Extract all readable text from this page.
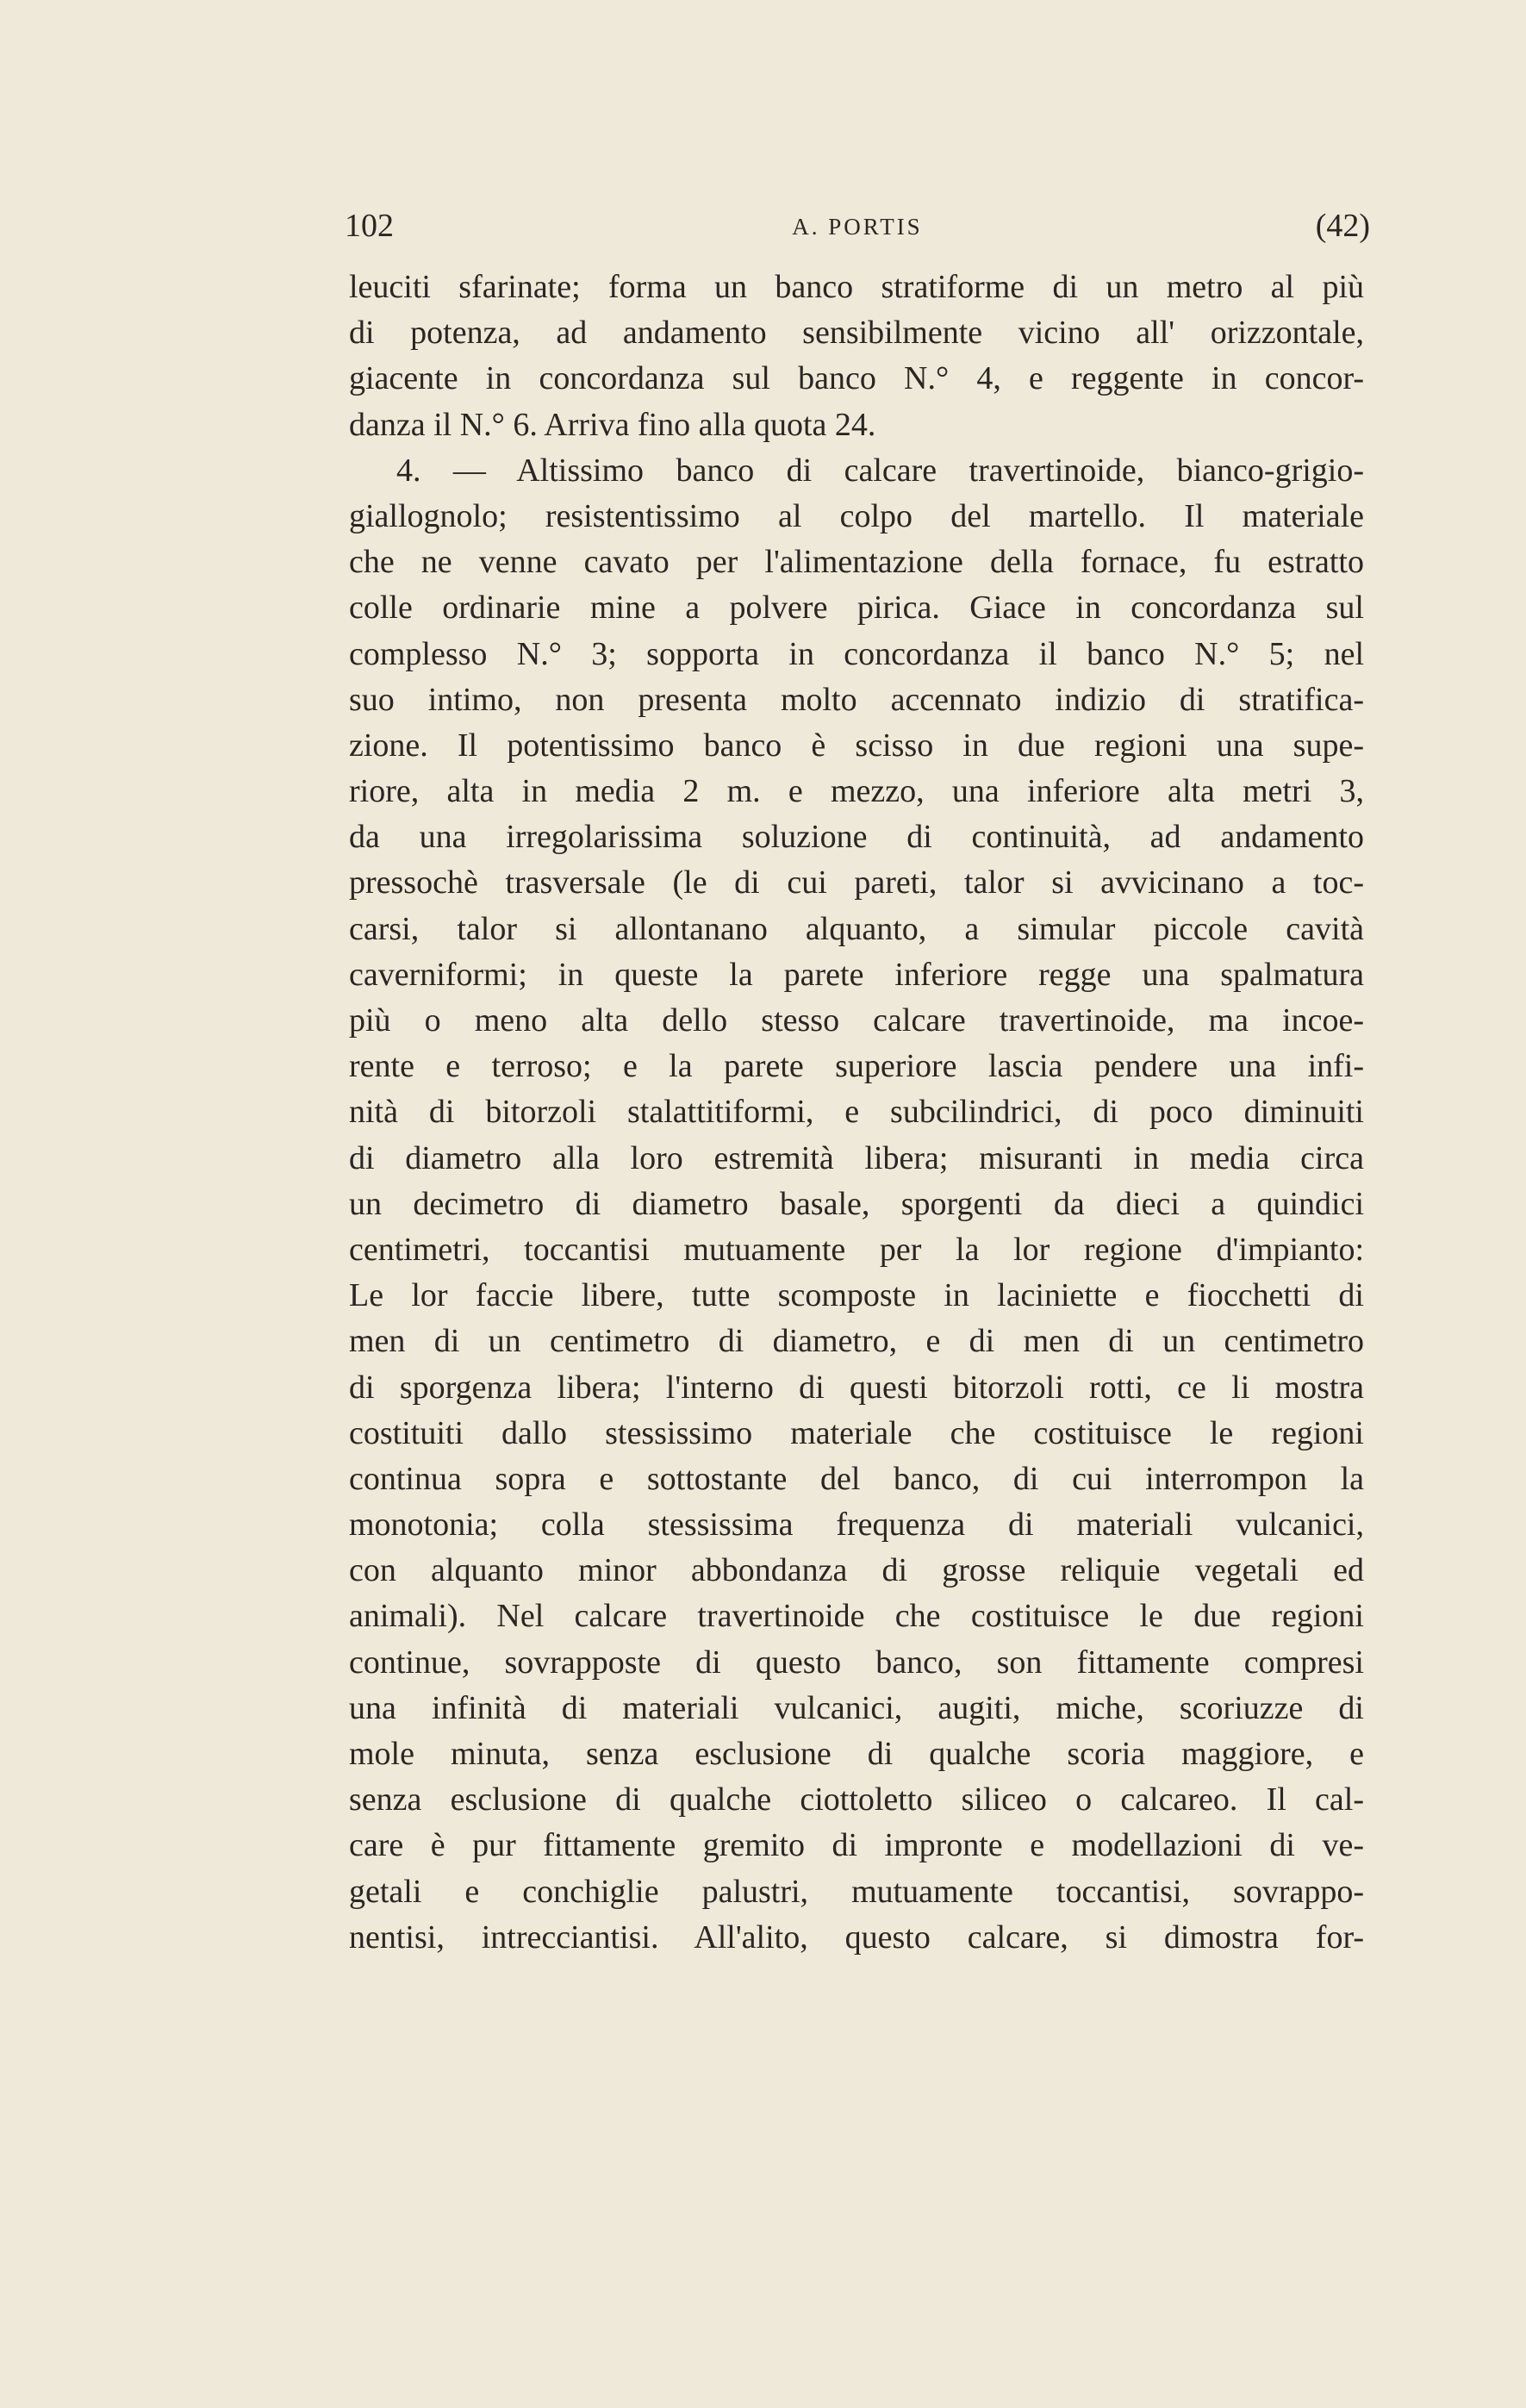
102	A. PORTIS	(42)
leuciti sfarinate; forma un banco stratiforme di un metro al più
di potenza, ad andamento sensibilmente vicino all' orizzontale,
giacente in concordanza sul banco N.° 4, e reggente in concor-
danza il N.° 6. Arriva fino alla quota 24.
4. — Altissimo banco di calcare travertinoide, bianco-grigio-
giallognolo; resistentissimo al colpo del martello. Il materiale
che ne venne cavato per l'alimentazione della fornace, fu estratto
colle ordinarie mine a polvere pirica. Giace in concordanza sul
complesso N.° 3; sopporta in concordanza il banco N.° 5; nel
suo intimo, non presenta molto accennato indizio di stratifica-
zione. Il potentissimo banco è scisso in due regioni una supe-
riore, alta in media 2 m. e mezzo, una inferiore alta metri 3,
da una irregolarissima soluzione di continuità, ad andamento
pressochè trasversale (le di cui pareti, talor si avvicinano a toc-
carsi, talor si allontanano alquanto, a simular piccole cavità
caverniformi; in queste la parete inferiore regge una spalmatura
più o meno alta dello stesso calcare travertinoide, ma incoe-
rente e terroso; e la parete superiore lascia pendere una infi-
nità di bitorzoli stalattitiformi, e subcilindrici, di poco diminuiti
di diametro alla loro estremità libera; misuranti in media circa
un decimetro di diametro basale, sporgenti da dieci a quindici
centimetri, toccantisi mutuamente per la lor regione d'impianto:
Le lor faccie libere, tutte scomposte in laciniette e fiocchetti di
men di un centimetro di diametro, e di men di un centimetro
di sporgenza libera; l'interno di questi bitorzoli rotti, ce li mostra
costituiti dallo stessissimo materiale che costituisce le regioni
continua sopra e sottostante del banco, di cui interrompon la
monotonia; colla stessissima frequenza di materiali vulcanici,
con alquanto minor abbondanza di grosse reliquie vegetali ed
animali). Nel calcare travertinoide che costituisce le due regioni
continue, sovrapposte di questo banco, son fittamente compresi
una infinità di materiali vulcanici, augiti, miche, scoriuzze di
mole minuta, senza esclusione di qualche scoria maggiore, e
senza esclusione di qualche ciottoletto siliceo o calcareo. Il cal-
care è pur fittamente gremito di impronte e modellazioni di ve-
getali e conchiglie palustri, mutuamente toccantisi, sovrappo-
nentisi, intrecciantisi. All'alito, questo calcare, si dimostra for-
